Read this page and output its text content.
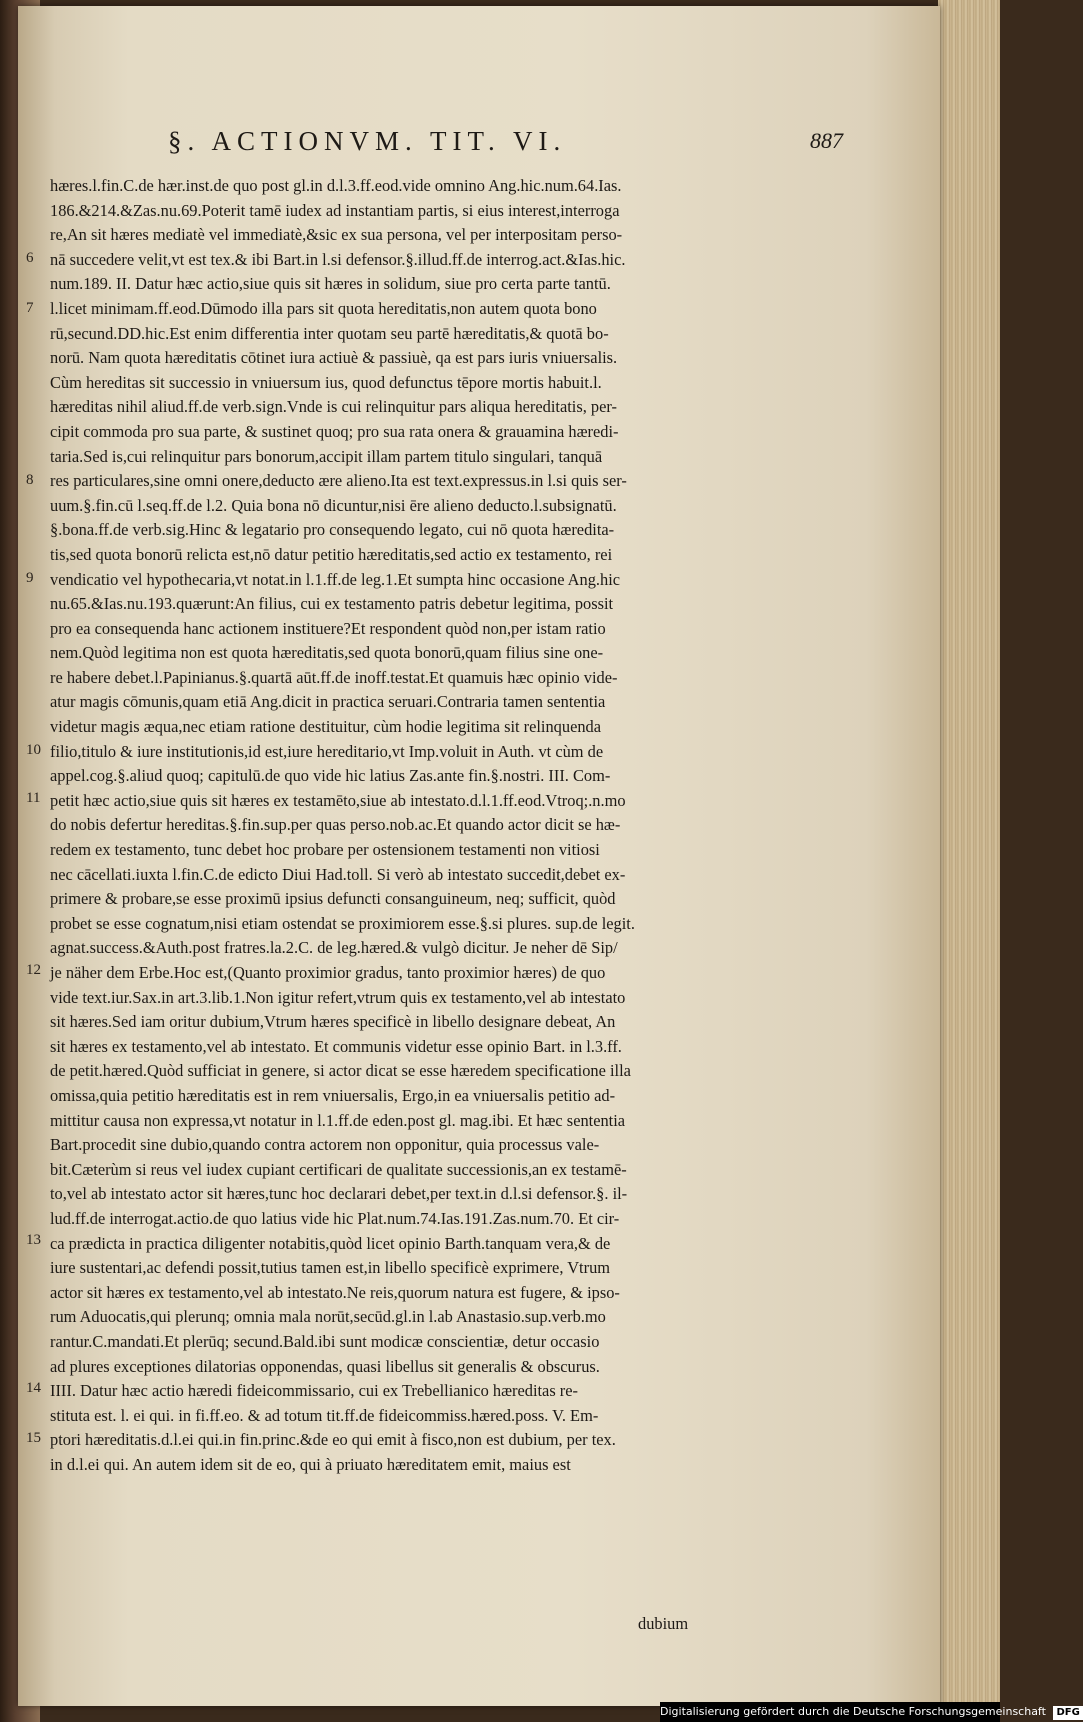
§. ACTIONVM. TIT. VI.	887
6
7
8
9
10
11
12
13
14
15
hæres.l.fin.C.de hær.inst.de quo post gl.in d.l.3.ff.eod.vide omnino Ang.hic.num.64.Ias.
186.&214.&Zas.nu.69.Poterit tamē iudex ad instantiam partis, si eius interest,interroga
re,An sit hæres mediatè vel immediatè,&sic ex sua persona, vel per interpositam perso-
nā succedere velit,vt est tex.& ibi Bart.in l.si defensor.§.illud.ff.de interrog.act.&Ias.hic.
num.189. II. Datur hæc actio,siue quis sit hæres in solidum, siue pro certa parte tantū.
l.licet minimam.ff.eod.Dūmodo illa pars sit quota hereditatis,non autem quota bono
rū,secund.DD.hic.Est enim differentia inter quotam seu partē hæreditatis,& quotā bo-
norū. Nam quota hæreditatis cōtinet iura actiuè & passiuè, qa est pars iuris vniuersalis.
Cùm hereditas sit successio in vniuersum ius, quod defunctus tēpore mortis habuit.l.
hæreditas nihil aliud.ff.de verb.sign.Vnde is cui relinquitur pars aliqua hereditatis, per-
cipit commoda pro sua parte, & sustinet quoq; pro sua rata onera & grauamina hæredi-
taria.Sed is,cui relinquitur pars bonorum,accipit illam partem titulo singulari, tanquā
res particulares,sine omni onere,deducto ære alieno.Ita est text.expressus.in l.si quis ser-
uum.§.fin.cū l.seq.ff.de l.2. Quia bona nō dicuntur,nisi ēre alieno deducto.l.subsignatū.
§.bona.ff.de verb.sig.Hinc & legatario pro consequendo legato, cui nō quota hæredita-
tis,sed quota bonorū relicta est,nō datur petitio hæreditatis,sed actio ex testamento, rei
vendicatio vel hypothecaria,vt notat.in l.1.ff.de leg.1.Et sumpta hinc occasione Ang.hic
nu.65.&Ias.nu.193.quærunt:An filius, cui ex testamento patris debetur legitima, possit
pro ea consequenda hanc actionem instituere?Et respondent quòd non,per istam ratio
nem.Quòd legitima non est quota hæreditatis,sed quota bonorū,quam filius sine one-
re habere debet.l.Papinianus.§.quartā aūt.ff.de inoff.testat.Et quamuis hæc opinio vide-
atur magis cōmunis,quam etiā Ang.dicit in practica seruari.Contraria tamen sententia
videtur magis æqua,nec etiam ratione destituitur, cùm hodie legitima sit relinquenda
filio,titulo & iure institutionis,id est,iure hereditario,vt Imp.voluit in Auth. vt cùm de
appel.cog.§.aliud quoq; capitulū.de quo vide hic latius Zas.ante fin.§.nostri. III. Com-
petit hæc actio,siue quis sit hæres ex testamēto,siue ab intestato.d.l.1.ff.eod.Vtroq;.n.mo
do nobis defertur hereditas.§.fin.sup.per quas perso.nob.ac.Et quando actor dicit se hæ-
redem ex testamento, tunc debet hoc probare per ostensionem testamenti non vitiosi
nec cācellati.iuxta l.fin.C.de edicto Diui Had.toll. Si verò ab intestato succedit,debet ex-
primere & probare,se esse proximū ipsius defuncti consanguineum, neq; sufficit, quòd
probet se esse cognatum,nisi etiam ostendat se proximiorem esse.§.si plures. sup.de legit.
agnat.success.&Auth.post fratres.la.2.C. de leg.hæred.& vulgò dicitur. Je neher dē Sip/
je näher dem Erbe.Hoc est,(Quanto proximior gradus, tanto proximior hæres) de quo
vide text.iur.Sax.in art.3.lib.1.Non igitur refert,vtrum quis ex testamento,vel ab intestato
sit hæres.Sed iam oritur dubium,Vtrum hæres specificè in libello designare debeat, An
sit hæres ex testamento,vel ab intestato. Et communis videtur esse opinio Bart. in l.3.ff.
de petit.hæred.Quòd sufficiat in genere, si actor dicat se esse hæredem specificatione illa
omissa,quia petitio hæreditatis est in rem vniuersalis, Ergo,in ea vniuersalis petitio ad-
mittitur causa non expressa,vt notatur in l.1.ff.de eden.post gl. mag.ibi. Et hæc sententia
Bart.procedit sine dubio,quando contra actorem non opponitur, quia processus vale-
bit.Cæterùm si reus vel iudex cupiant certificari de qualitate successionis,an ex testamē-
to,vel ab intestato actor sit hæres,tunc hoc declarari debet,per text.in d.l.si defensor.§. il-
lud.ff.de interrogat.actio.de quo latius vide hic Plat.num.74.Ias.191.Zas.num.70. Et cir-
ca prædicta in practica diligenter notabitis,quòd licet opinio Barth.tanquam vera,& de
iure sustentari,ac defendi possit,tutius tamen est,in libello specificè exprimere, Vtrum
actor sit hæres ex testamento,vel ab intestato.Ne reis,quorum natura est fugere, & ipso-
rum Aduocatis,qui plerunq; omnia mala norūt,secūd.gl.in l.ab Anastasio.sup.verb.mo
rantur.C.mandati.Et plerūq; secund.Bald.ibi sunt modicæ conscientiæ, detur occasio
ad plures exceptiones dilatorias opponendas, quasi libellus sit generalis & obscurus.
IIII. Datur hæc actio hæredi fideicommissario, cui ex Trebellianico hæreditas re-
stituta est. l. ei qui. in fi.ff.eo. & ad totum tit.ff.de fideicommiss.hæred.poss. V. Em-
ptori hæreditatis.d.l.ei qui.in fin.princ.&de eo qui emit à fisco,non est dubium, per tex.
in d.l.ei qui. An autem idem sit de eo, qui à priuato hæreditatem emit, maius est
dubium
Digitalisierung gefördert durch die Deutsche Forschungsgemeinschaft DFG
